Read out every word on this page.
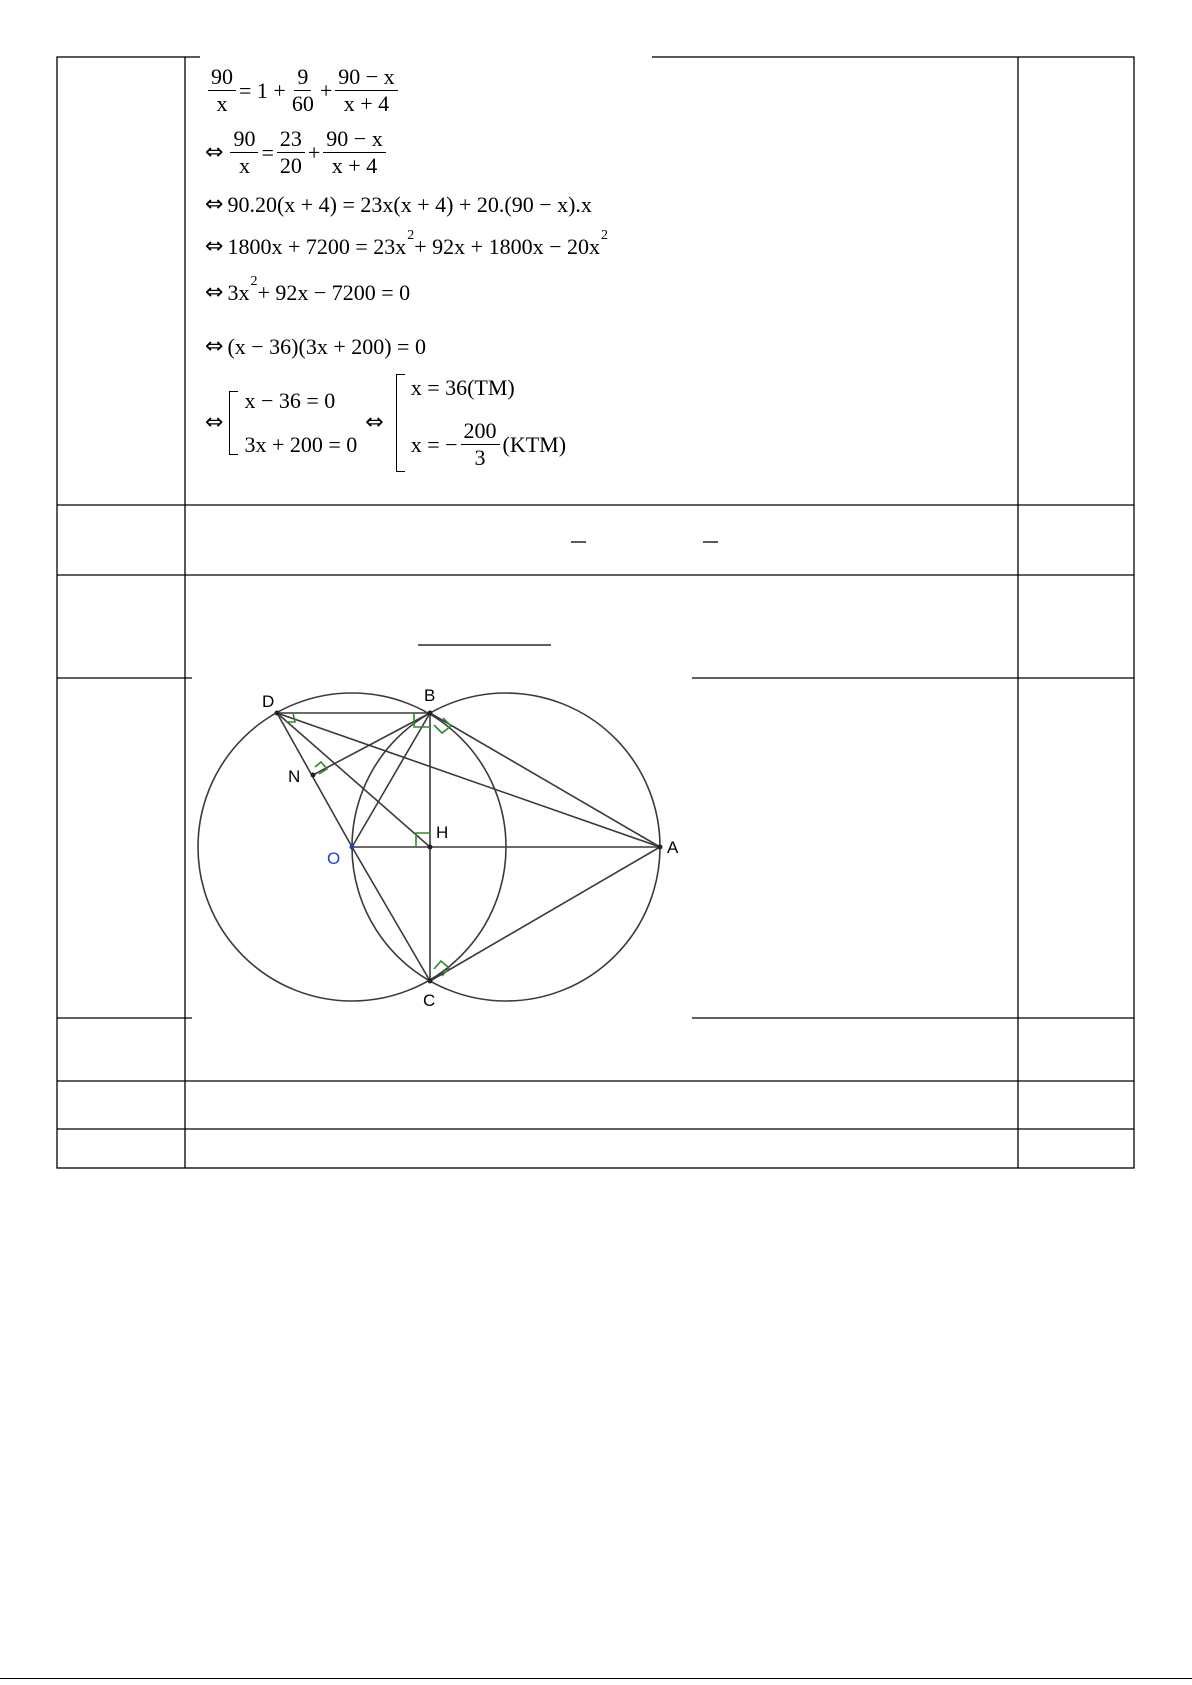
$\frac{90}{x} = 1 + \frac{9}{60} + \frac{90 - x}{x + 4}$
⇔ $\frac{90}{x} = \frac{23}{20} + \frac{90 - x}{x + 4}$
⇔ 90.20(x + 4) = 23x(x + 4) + 20.(90 − x).x
⇔ 1800x + 7200 = 23x 2 + 92x + 1800x − 20x 2
⇔ 3x 2 + 92x − 7200 = 0
⇔ (x − 36)(3x + 200) = 0
⇔
x − 36 = 0
3x + 200 = 0
⇔
x = 36(TM)
x = − $\frac{200}{3} (KTM)$
D	B
N
H
O
A
C
